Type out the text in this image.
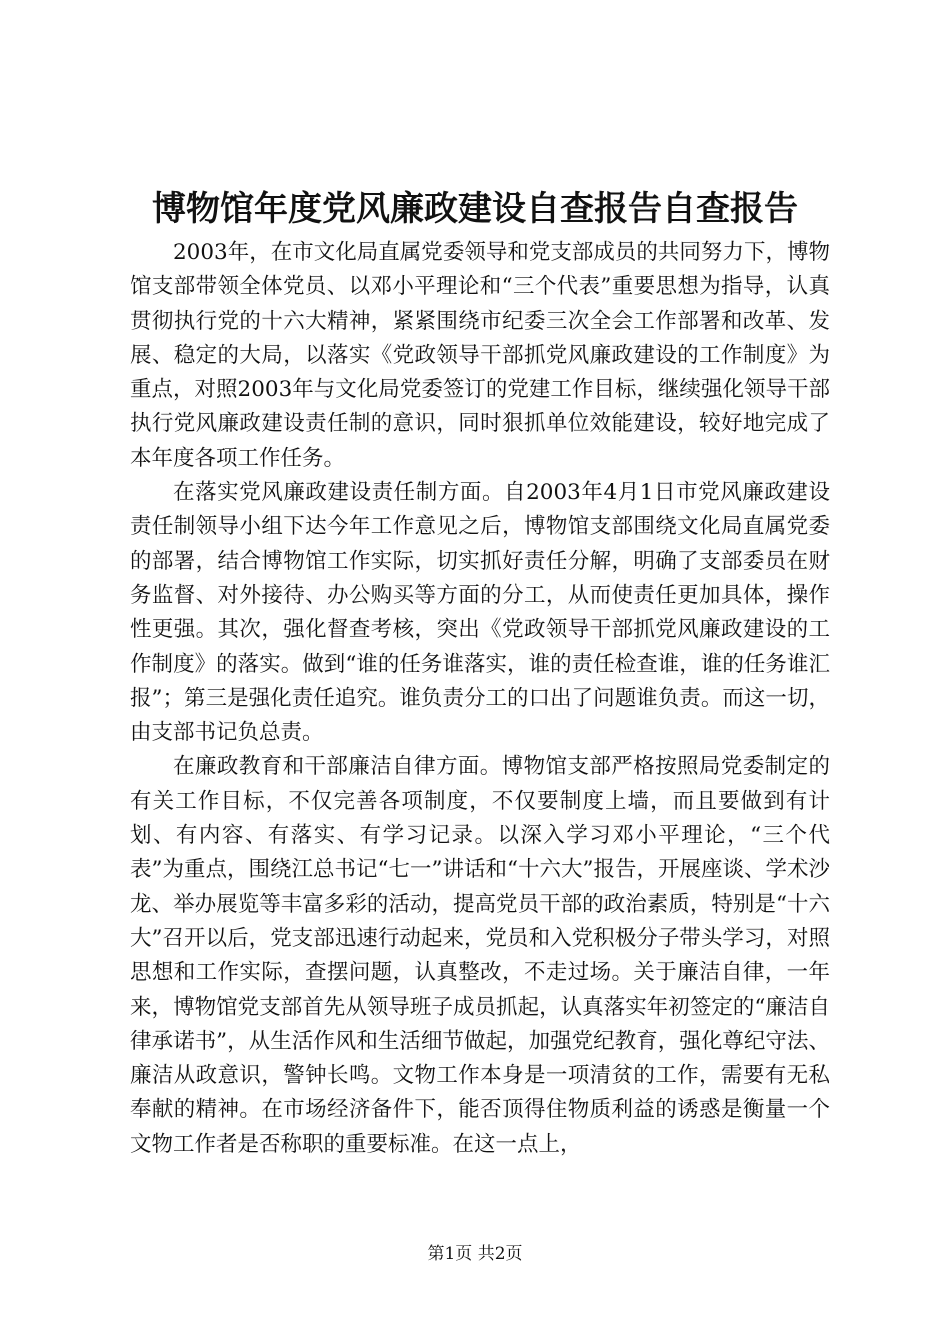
博物馆年度党风廉政建设自查报告自查报告

2003年，在市文化局直属党委领导和党支部成员的共同努力下，博物馆支部带领全体党员、以邓小平理论和“三个代表”重要思想为指导，认真贯彻执行党的十六大精神，紧紧围绕市纪委三次全会工作部署和改革、发展、稳定的大局，以落实《党政领导干部抓党风廉政建设的工作制度》为重点，对照2003年与文化局党委签订的党建工作目标，继续强化领导干部执行党风廉政建设责任制的意识，同时狠抓单位效能建设，较好地完成了本年度各项工作任务。

在落实党风廉政建设责任制方面。自2003年4月1日市党风廉政建设责任制领导小组下达今年工作意见之后，博物馆支部围绕文化局直属党委的部署，结合博物馆工作实际，切实抓好责任分解，明确了支部委员在财务监督、对外接待、办公购买等方面的分工，从而使责任更加具体，操作性更强。其次，强化督查考核，突出《党政领导干部抓党风廉政建设的工作制度》的落实。做到“谁的任务谁落实，谁的责任检查谁，谁的任务谁汇报”；第三是强化责任追究。谁负责分工的口出了问题谁负责。而这一切，由支部书记负总责。

在廉政教育和干部廉洁自律方面。博物馆支部严格按照局党委制定的有关工作目标，不仅完善各项制度，不仅要制度上墙，而且要做到有计划、有内容、有落实、有学习记录。以深入学习邓小平理论，“三个代表”为重点，围绕江总书记“七一”讲话和“十六大”报告，开展座谈、学术沙龙、举办展览等丰富多彩的活动，提高党员干部的政治素质，特别是“十六大”召开以后，党支部迅速行动起来，党员和入党积极分子带头学习，对照思想和工作实际，查摆问题，认真整改，不走过场。关于廉洁自律，一年来，博物馆党支部首先从领导班子成员抓起，认真落实年初签定的“廉洁自律承诺书”，从生活作风和生活细节做起，加强党纪教育，强化尊纪守法、廉洁从政意识，警钟长鸣。文物工作本身是一项清贫的工作，需要有无私奉献的精神。在市场经济备件下，能否顶得住物质利益的诱惑是衡量一个文物工作者是否称职的重要标准。在这一点上，

第1页 共2页
